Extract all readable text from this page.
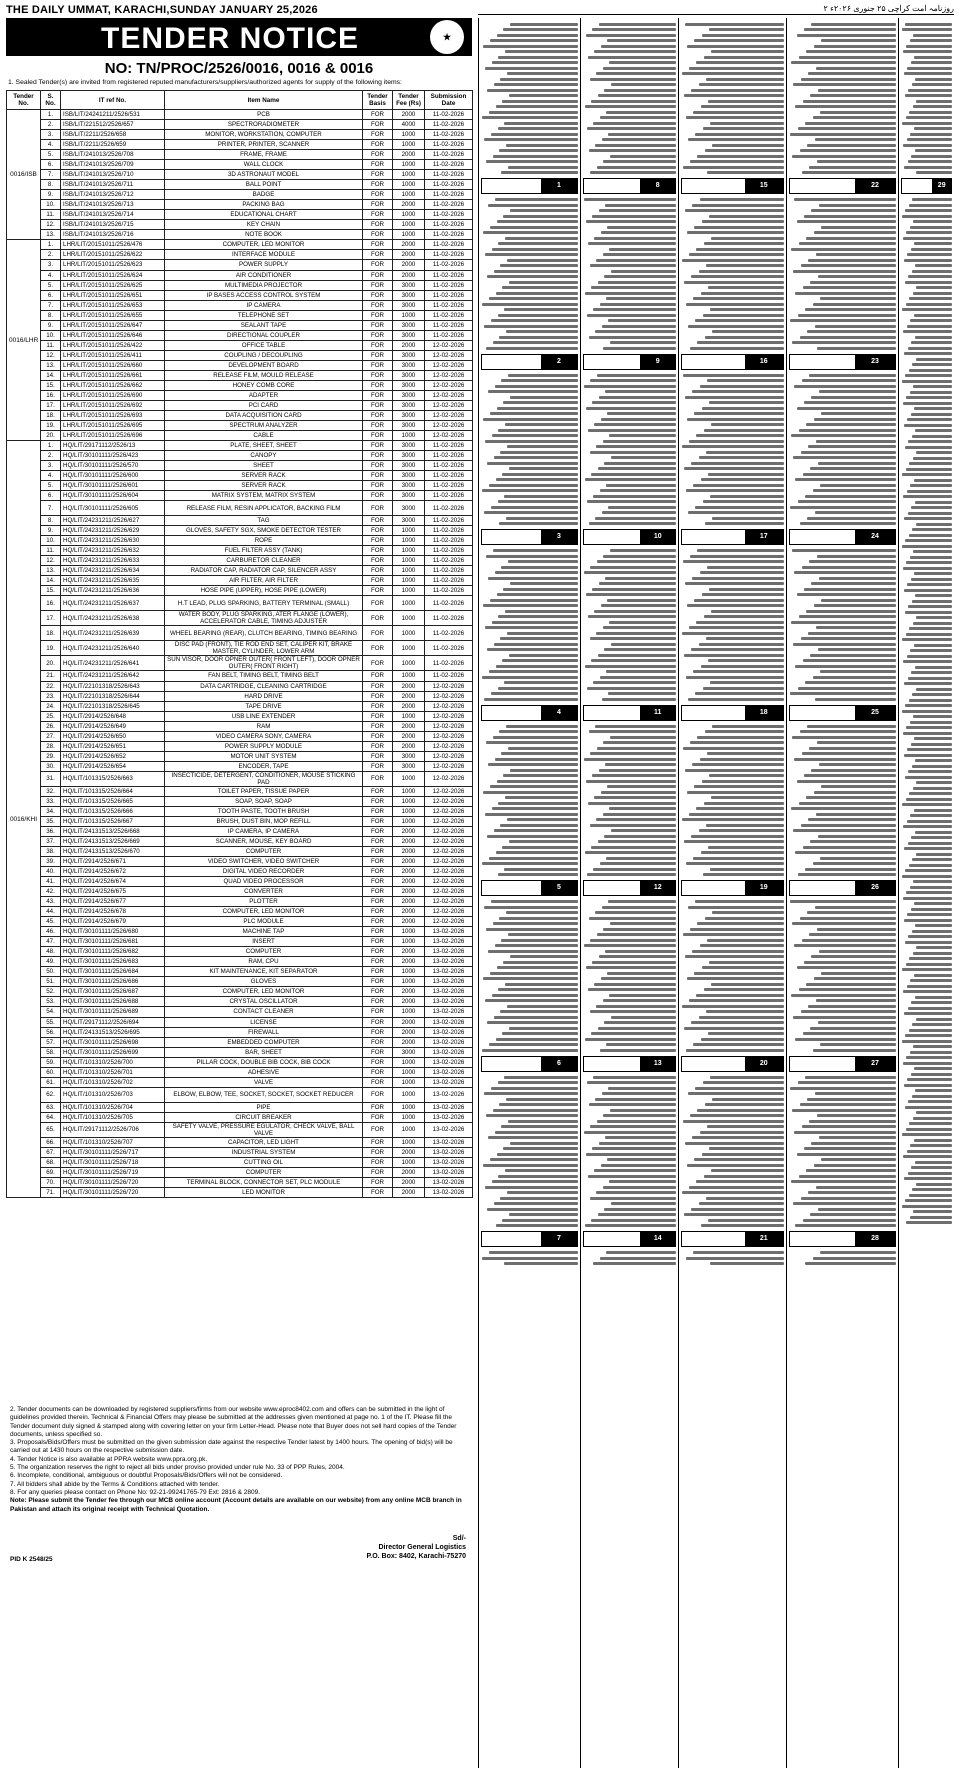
THE DAILY UMMAT, KARACHI,SUNDAY JANUARY 25,2026
TENDER NOTICE	★
NO: TN/PROC/2526/0016, 0016 & 0016
1. Sealed Tender(s) are invited from registered reputed manufacturers/suppliers/authorized agents for supply of the following items:
Tender No.	S. No.	IT ref No.	Item Name	Tender Basis	Tender Fee (Rs)	Submission Date
0016/ISB	1.	ISB/LIT/24241211/2526/531	PCB	FOR	2000	11-02-2026
	2.	ISB/LIT/221512/2526/657	SPECTRORADIOMETER	FOR	4000	11-02-2026
	3.	ISB/LIT/2211/2526/658	MONITOR, WORKSTATION, COMPUTER	FOR	1000	11-02-2026
	4.	ISB/LIT/2211/2526/659	PRINTER, PRINTER, SCANNER	FOR	1000	11-02-2026
	5.	ISB/LIT/241013/2526/708	FRAME, FRAME	FOR	2000	11-02-2026
	6.	ISB/LIT/241013/2526/709	WALL CLOCK	FOR	1000	11-02-2026
	7.	ISB/LIT/241013/2526/710	3D ASTRONAUT MODEL	FOR	1000	11-02-2026
	8.	ISB/LIT/241013/2526/711	BALL POINT	FOR	1000	11-02-2026
	9.	ISB/LIT/241013/2526/712	BADGE	FOR	1000	11-02-2026
	10.	ISB/LIT/241013/2526/713	PACKING BAG	FOR	2000	11-02-2026
	11.	ISB/LIT/241013/2526/714	EDUCATIONAL CHART	FOR	1000	11-02-2026
	12.	ISB/LIT/241013/2526/715	KEY CHAIN	FOR	1000	11-02-2026
	13.	ISB/LIT/241013/2526/716	NOTE BOOK	FOR	1000	11-02-2026
0016/LHR	1.	LHR/LIT/20151011/2526/476	COMPUTER, LED MONITOR	FOR	2000	11-02-2026
	2.	LHR/LIT/20151011/2526/622	INTERFACE MODULE	FOR	2000	11-02-2026
	3.	LHR/LIT/20151011/2526/623	POWER SUPPLY	FOR	2000	11-02-2026
	4.	LHR/LIT/20151011/2526/624	AIR CONDITIONER	FOR	2000	11-02-2026
	5.	LHR/LIT/20151011/2526/625	MULTIMEDIA PROJECTOR	FOR	3000	11-02-2026
	6.	LHR/LIT/20151011/2526/651	IP BASES ACCESS CONTROL SYSTEM	FOR	3000	11-02-2026
	7.	LHR/LIT/20151011/2526/653	IP CAMERA	FOR	3000	11-02-2026
	8.	LHR/LIT/20151011/2526/655	TELEPHONE SET	FOR	1000	11-02-2026
	9.	LHR/LIT/20151011/2526/647	SEALANT TAPE	FOR	3000	11-02-2026
	10.	LHR/LIT/20151011/2526/646	DIRECTIONAL COUPLER	FOR	3000	11-02-2026
	11.	LHR/LIT/20151011/2526/422	OFFICE TABLE	FOR	2000	12-02-2026
	12.	LHR/LIT/20151011/2526/411	COUPLING / DECOUPLING	FOR	3000	12-02-2026
	13.	LHR/LIT/20151011/2526/660	DEVELOPMENT BOARD	FOR	3000	12-02-2026
	14.	LHR/LIT/20151011/2526/661	RELEASE FILM, MOULD RELEASE	FOR	3000	12-02-2026
	15.	LHR/LIT/20151011/2526/662	HONEY COMB CORE	FOR	3000	12-02-2026
	16.	LHR/LIT/20151011/2526/690	ADAPTER	FOR	3000	12-02-2026
	17.	LHR/LIT/20151011/2526/692	PCI CARD	FOR	3000	12-02-2026
	18.	LHR/LIT/20151011/2526/693	DATA ACQUISITION CARD	FOR	3000	12-02-2026
	19.	LHR/LIT/20151011/2526/695	SPECTRUM ANALYZER	FOR	3000	12-02-2026
	20.	LHR/LIT/20151011/2526/696	CABLE	FOR	1000	12-02-2026
0016/KHI	1.	HQ/LIT/29171112/2526/13	PLATE, SHEET, SHEET	FOR	3000	11-02-2026
	2.	HQ/LIT/30101111/2526/423	CANOPY	FOR	3000	11-02-2026
	3.	HQ/LIT/30101111/2526/570	SHEET	FOR	3000	11-02-2026
	4.	HQ/LIT/30101111/2526/600	SERVER RACK	FOR	3000	11-02-2026
	5.	HQ/LIT/30101111/2526/601	SERVER RACK	FOR	3000	11-02-2026
	6.	HQ/LIT/30101111/2526/604	MATRIX SYSTEM, MATRIX SYSTEM	FOR	3000	11-02-2026
	7.	HQ/LIT/30101111/2526/605	RELEASE FILM, RESIN APPLICATOR, BACKING FILM	FOR	3000	11-02-2026
	8.	HQ/LIT/24231211/2526/627	TAG	FOR	3000	11-02-2026
	9.	HQ/LIT/24231211/2526/629	GLOVES, SAFETY SGX, SMOKE DETECTOR TESTER	FOR	1000	11-02-2026
	10.	HQ/LIT/24231211/2526/630	ROPE	FOR	1000	11-02-2026
	11.	HQ/LIT/24231211/2526/632	FUEL FILTER ASSY (TANK)	FOR	1000	11-02-2026
	12.	HQ/LIT/24231211/2526/633	CARBURETOR CLEANER	FOR	1000	11-02-2026
	13.	HQ/LIT/24231211/2526/634	RADIATOR CAP, RADIATOR CAP, SILENCER ASSY	FOR	1000	11-02-2026
	14.	HQ/LIT/24231211/2526/635	AIR FILTER, AIR FILTER	FOR	1000	11-02-2026
	15.	HQ/LIT/24231211/2526/636	HOSE PIPE (UPPER), HOSE PIPE (LOWER)	FOR	1000	11-02-2026
	16.	HQ/LIT/24231211/2526/637	H.T LEAD, PLUG SPARKING, BATTERY TERMINAL (SMALL)	FOR	1000	11-02-2026
	17.	HQ/LIT/24231211/2526/638	WATER BODY, PLUG SPARKING, ATER FLANGE (LOWER), ACCELERATOR CABLE, TIMING ADJUSTER	FOR	1000	11-02-2026
	18.	HQ/LIT/24231211/2526/639	WHEEL BEARING (REAR), CLUTCH BEARING, TIMING BEARING	FOR	1000	11-02-2026
	19.	HQ/LIT/24231211/2526/640	DISC PAD (FRONT), TIE ROD END SET, CALIPER KIT, BRAKE MASTER, CYLINDER, LOWER ARM	FOR	1000	11-02-2026
	20.	HQ/LIT/24231211/2526/641	SUN VISOR, DOOR OPNER OUTER( FRONT LEFT), DOOR OPNER OUTER( FRONT RIGHT)	FOR	1000	11-02-2026
	21.	HQ/LIT/24231211/2526/642	FAN BELT, TIMING BELT, TIMING BELT	FOR	1000	11-02-2026
	22.	HQ/LIT/22101318/2526/643	DATA CARTRIDGE, CLEANING CARTRIDGE	FOR	2000	12-02-2026
	23.	HQ/LIT/22101318/2526/644	HARD DRIVE	FOR	2000	12-02-2026
	24.	HQ/LIT/22101318/2526/645	TAPE DRIVE	FOR	2000	12-02-2026
	25.	HQ/LIT/2914/2526/648	USB LINE EXTENDER	FOR	1000	12-02-2026
	26.	HQ/LIT/2914/2526/649	RAM	FOR	2000	12-02-2026
	27.	HQ/LIT/2914/2526/650	VIDEO CAMERA SONY, CAMERA	FOR	2000	12-02-2026
	28.	HQ/LIT/2914/2526/651	POWER SUPPLY MODULE	FOR	2000	12-02-2026
	29.	HQ/LIT/2914/2526/652	MOTOR UNIT SYSTEM	FOR	3000	12-02-2026
	30.	HQ/LIT/2914/2526/654	ENCODER, TAPE	FOR	3000	12-02-2026
	31.	HQ/LIT/101315/2526/663	INSECTICIDE, DETERGENT, CONDITIONER, MOUSE STICKING PAD	FOR	1000	12-02-2026
	32.	HQ/LIT/101315/2526/664	TOILET PAPER, TISSUE PAPER	FOR	1000	12-02-2026
	33.	HQ/LIT/101315/2526/665	SOAP, SOAP, SOAP	FOR	1000	12-02-2026
	34.	HQ/LIT/101315/2526/666	TOOTH PASTE, TOOTH BRUSH	FOR	1000	12-02-2026
	35.	HQ/LIT/101315/2526/667	BRUSH, DUST BIN, MOP REFILL	FOR	1000	12-02-2026
	36.	HQ/LIT/24131513/2526/668	IP CAMERA, IP CAMERA	FOR	2000	12-02-2026
	37.	HQ/LIT/24131513/2526/669	SCANNER, MOUSE, KEY BOARD	FOR	2000	12-02-2026
	38.	HQ/LIT/24131513/2526/670	COMPUTER	FOR	2000	12-02-2026
	39.	HQ/LIT/2914/2526/671	VIDEO SWITCHER, VIDEO SWITCHER	FOR	2000	12-02-2026
	40.	HQ/LIT/2914/2526/672	DIGITAL VIDEO RECORDER	FOR	2000	12-02-2026
	41.	HQ/LIT/2914/2526/674	QUAD VIDEO PROCESSOR	FOR	2000	12-02-2026
	42.	HQ/LIT/2914/2526/675	CONVERTER	FOR	2000	12-02-2026
	43.	HQ/LIT/2914/2526/677	PLOTTER	FOR	2000	12-02-2026
	44.	HQ/LIT/2914/2526/678	COMPUTER, LED MONITOR	FOR	2000	12-02-2026
	45.	HQ/LIT/2914/2526/679	PLC MODULE	FOR	2000	12-02-2026
	46.	HQ/LIT/30101111/2526/680	MACHINE TAP	FOR	1000	13-02-2026
	47.	HQ/LIT/30101111/2526/681	INSERT	FOR	1000	13-02-2026
	48.	HQ/LIT/30101111/2526/682	COMPUTER	FOR	2000	13-02-2026
	49.	HQ/LIT/30101111/2526/683	RAM, CPU	FOR	2000	13-02-2026
	50.	HQ/LIT/30101111/2526/684	KIT MAINTENANCE, KIT SEPARATOR	FOR	1000	13-02-2026
	51.	HQ/LIT/30101111/2526/686	GLOVES	FOR	1000	13-02-2026
	52.	HQ/LIT/30101111/2526/687	COMPUTER, LED MONITOR	FOR	2000	13-02-2026
	53.	HQ/LIT/30101111/2526/688	CRYSTAL OSCILLATOR	FOR	2000	13-02-2026
	54.	HQ/LIT/30101111/2526/689	CONTACT CLEANER	FOR	1000	13-02-2026
	55.	HQ/LIT/29171112/2526/694	LICENSE	FOR	2000	13-02-2026
	56.	HQ/LIT/24131513/2526/695	FIREWALL	FOR	2000	13-02-2026
	57.	HQ/LIT/30101111/2526/698	EMBEDDED COMPUTER	FOR	2000	13-02-2026
	58.	HQ/LIT/30101111/2526/699	BAR, SHEET	FOR	3000	13-02-2026
	59.	HQ/LIT/101310/2526/700	PILLAR COCK, DOUBLE BIB COCK, BIB COCK	FOR	1000	13-02-2026
	60.	HQ/LIT/101310/2526/701	ADHESIVE	FOR	1000	13-02-2026
	61.	HQ/LIT/101310/2526/702	VALVE	FOR	1000	13-02-2026
	62.	HQ/LIT/101310/2526/703	ELBOW, ELBOW, TEE, SOCKET, SOCKET, SOCKET REDUCER	FOR	1000	13-02-2026
	63.	HQ/LIT/101310/2526/704	PIPE	FOR	1000	13-02-2026
	64.	HQ/LIT/101310/2526/705	CIRCUIT BREAKER	FOR	1000	13-02-2026
	65.	HQ/LIT/29171112/2526/706	SAFETY VALVE, PRESSURE EGULATOR, CHECK VALVE, BALL VALVE	FOR	1000	13-02-2026
	66.	HQ/LIT/101310/2526/707	CAPACITOR, LED LIGHT	FOR	1000	13-02-2026
	67.	HQ/LIT/30101111/2526/717	INDUSTRIAL SYSTEM	FOR	2000	13-02-2026
	68.	HQ/LIT/30101111/2526/718	CUTTING OIL	FOR	1000	13-02-2026
	69.	HQ/LIT/30101111/2526/719	COMPUTER	FOR	2000	13-02-2026
	70.	HQ/LIT/30101111/2526/720	TERMINAL BLOCK, CONNECTOR SET, PLC MODULE	FOR	2000	13-02-2026
	71.	HQ/LIT/30101111/2526/720	LED MONITOR	FOR	2000	13-02-2026
2. Tender documents can be downloaded by registered suppliers/firms from our website www.eproc8402.com and offers can be submitted in the light of guidelines provided therein. Technical & Financial Offers may please be submitted at the addresses given mentioned at page no. 1 of the IT. Please fill the Tender document duly signed & stamped along with covering letter on your firm Letter-Head. Please note that Buyer does not sell hard copies of the Tender documents, unless specified so.
3. Proposals/Bids/Offers must be submitted on the given submission date against the respective Tender latest by 1400 hours. The opening of bid(s) will be carried out at 1430 hours on the respective submission date.
4. Tender Notice is also available at PPRA website www.ppra.org.pk.
5. The organization reserves the right to reject all bids under proviso provided under rule No. 33 of PPP Rules, 2004.
6. Incomplete, conditional, ambiguous or doubtful Proposals/Bids/Offers will not be considered.
7. All bidders shall abide by the Terms & Conditions attached with tender.
8. For any queries please contact on Phone No: 92-21-99241765-79 Ext: 2816 & 2809.
Note: Please submit the Tender fee through our MCB online account (Account details are available on our website) from any online MCB branch in Pakistan and attach its original receipt with Technical Quotation.
Sd/-
Director General Logistics
P.O. Box: 8402, Karachi-75270
PID K 2548/25
۲ روزنامہ امت کراچی ۲۵ جنوری ۲۰۲۶ء
1
2
3
4
5
6
7
8
9
10
11
12
13
14
15
16
17
18
19
20
21
22
23
24
25
26
27
28
29
